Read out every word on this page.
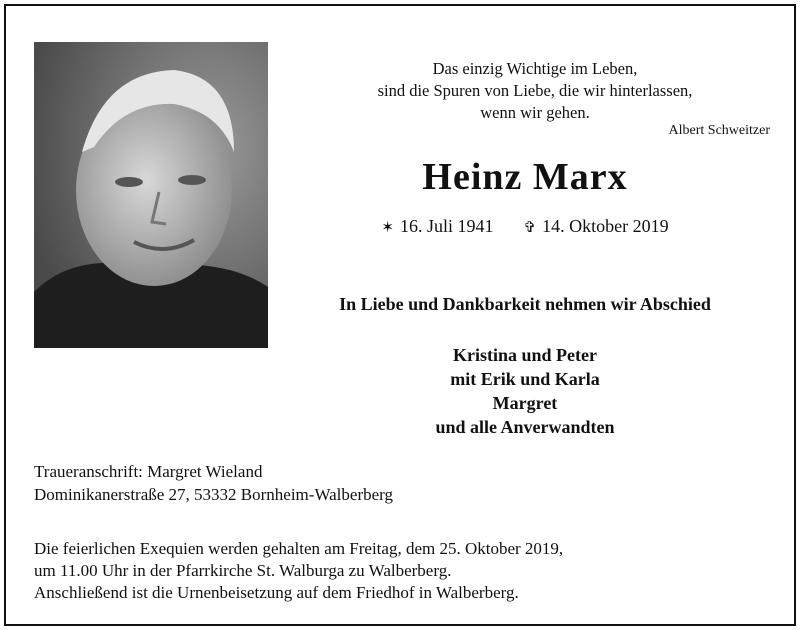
Das einzig Wichtige im Leben,
sind die Spuren von Liebe, die wir hinterlassen,
wenn wir gehen.
Albert Schweitzer
Heinz Marx
✶ 16. Juli 1941 ✞ 14. Oktober 2019
In Liebe und Dankbarkeit nehmen wir Abschied
Kristina und Peter
mit Erik und Karla
Margret
und alle Anverwandten
Traueranschrift: Margret Wieland
Dominikanerstraße 27, 53332 Bornheim-Walberberg
Die feierlichen Exequien werden gehalten am Freitag, dem 25. Oktober 2019,
um 11.00 Uhr in der Pfarrkirche St. Walburga zu Walberberg.
Anschließend ist die Urnenbeisetzung auf dem Friedhof in Walberberg.
